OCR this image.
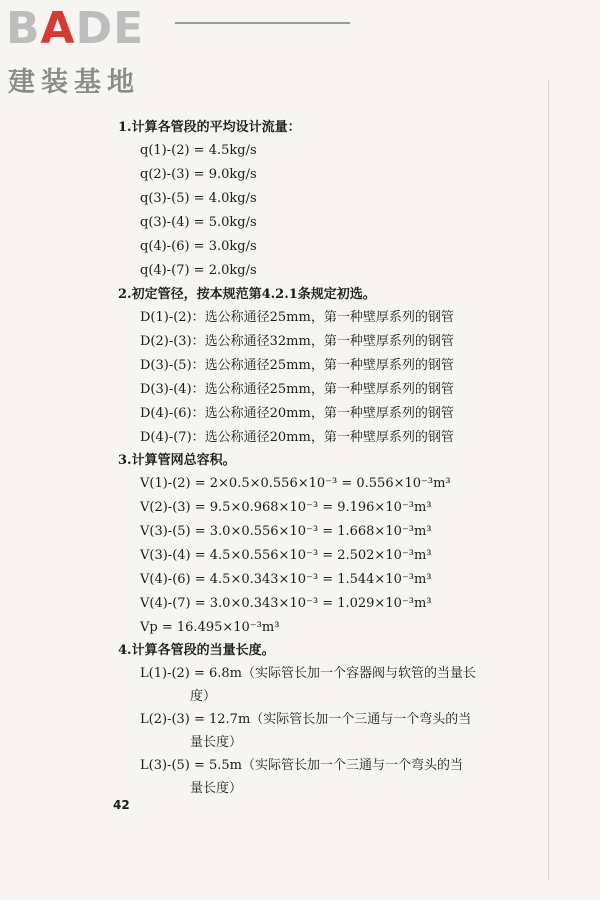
BADE
建装基地
1.计算各管段的平均设计流量：
q(1)-(2) = 4.5kg/s
q(2)-(3) = 9.0kg/s
q(3)-(5) = 4.0kg/s
q(3)-(4) = 5.0kg/s
q(4)-(6) = 3.0kg/s
q(4)-(7) = 2.0kg/s
2.初定管径，按本规范第4.2.1条规定初选。
D(1)-(2)：选公称通径25mm，第一种壁厚系列的钢管
D(2)-(3)：选公称通径32mm，第一种壁厚系列的钢管
D(3)-(5)：选公称通径25mm，第一种壁厚系列的钢管
D(3)-(4)：选公称通径25mm，第一种壁厚系列的钢管
D(4)-(6)：选公称通径20mm，第一种壁厚系列的钢管
D(4)-(7)：选公称通径20mm，第一种壁厚系列的钢管
3.计算管网总容积。
V(1)-(2) = 2×0.5×0.556×10⁻³ = 0.556×10⁻³m³
V(2)-(3) = 9.5×0.968×10⁻³ = 9.196×10⁻³m³
V(3)-(5) = 3.0×0.556×10⁻³ = 1.668×10⁻³m³
V(3)-(4) = 4.5×0.556×10⁻³ = 2.502×10⁻³m³
V(4)-(6) = 4.5×0.343×10⁻³ = 1.544×10⁻³m³
V(4)-(7) = 3.0×0.343×10⁻³ = 1.029×10⁻³m³
Vp = 16.495×10⁻³m³
4.计算各管段的当量长度。
L(1)-(2) = 6.8m（实际管长加一个容器阀与软管的当量长
度）
L(2)-(3) = 12.7m（实际管长加一个三通与一个弯头的当
量长度）
L(3)-(5) = 5.5m（实际管长加一个三通与一个弯头的当
量长度）
42
